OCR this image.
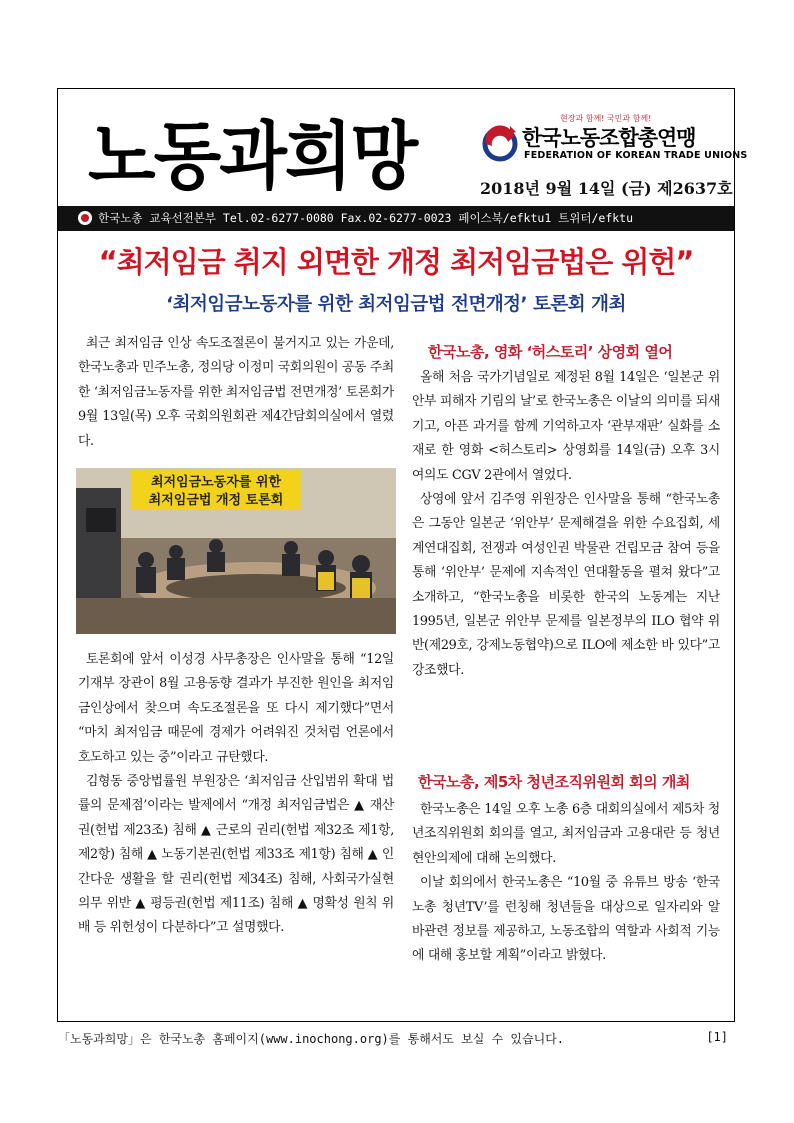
노동과희망	현장과 함께! 국민과 함께!
한국노동조합총연맹
FEDERATION OF KOREAN TRADE UNIONS
2018년 9월 14일 (금) 제2637호
한국노총 교육선전본부 Tel.02-6277-0080 Fax.02-6277-0023 페이스북/efktu1 트위터/efktu
“최저임금 취지 외면한 개정 최저임금법은 위헌”
‘최저임금노동자를 위한 최저임금법 전면개정’ 토론회 개최

최근 최저임금 인상 속도조절론이 불거지고 있는 가운데, 한국노총과 민주노총, 정의당 이정미 국회의원이 공동 주최한 ‘최저임금노동자를 위한 최저임금법 전면개정’ 토론회가 9월 13일(목) 오후 국회의원회관 제4간담회의실에서 열렸다.

최저임금노동자를 위한
최저임금법 개정 토론회

토론회에 앞서 이성경 사무총장은 인사말을 통해 “12일 기재부 장관이 8월 고용동향 결과가 부진한 원인을 최저임금인상에서 찾으며 속도조절론을 또 다시 제기했다”면서 “마치 최저임금 때문에 경제가 어려워진 것처럼 언론에서 호도하고 있는 중”이라고 규탄했다.

김형동 중앙법률원 부원장은 ‘최저임금 산입범위 확대 법률의 문제점’이라는 발제에서 “개정 최저임금법은 ▲ 재산권(헌법 제23조) 침해 ▲ 근로의 권리(헌법 제32조 제1항, 제2항) 침해 ▲ 노동기본권(헌법 제33조 제1항) 침해 ▲ 인간다운 생활을 할 권리(헌법 제34조) 침해, 사회국가실현의무 위반 ▲ 평등권(헌법 제11조) 침해 ▲ 명확성 원칙 위배 등 위헌성이 다분하다”고 설명했다.

한국노총, 영화 ‘허스토리’ 상영회 열어

올해 처음 국가기념일로 제정된 8월 14일은 ‘일본군 위안부 피해자 기림의 날’로 한국노총은 이날의 의미를 되새기고, 아픈 과거를 함께 기억하고자 ‘관부재판’ 실화를 소재로 한 영화 <허스토리> 상영회를 14일(금) 오후 3시 여의도 CGV 2관에서 열었다.

상영에 앞서 김주영 위원장은 인사말을 통해 “한국노총은 그동안 일본군 ‘위안부’ 문제해결을 위한 수요집회, 세계연대집회, 전쟁과 여성인권 박물관 건립모금 참여 등을 통해 ‘위안부’ 문제에 지속적인 연대활동을 펼쳐 왔다”고 소개하고, “한국노총을 비롯한 한국의 노동계는 지난 1995년, 일본군 위안부 문제를 일본정부의 ILO 협약 위반(제29호, 강제노동협약)으로 ILO에 제소한 바 있다”고 강조했다.

한국노총, 제5차 청년조직위원회 회의 개최

한국노총은 14일 오후 노총 6층 대회의실에서 제5차 청년조직위원회 회의를 열고, 최저임금과 고용대란 등 청년 현안의제에 대해 논의했다.

이날 회의에서 한국노총은 “10월 중 유튜브 방송 ‘한국노총 청년TV’를 런칭해 청년들을 대상으로 일자리와 알바관련 정보를 제공하고, 노동조합의 역할과 사회적 기능에 대해 홍보할 계획”이라고 밝혔다.

「노동과희망」은 한국노총 홈페이지(www.inochong.org)를 통해서도 보실 수 있습니다.	[1]
